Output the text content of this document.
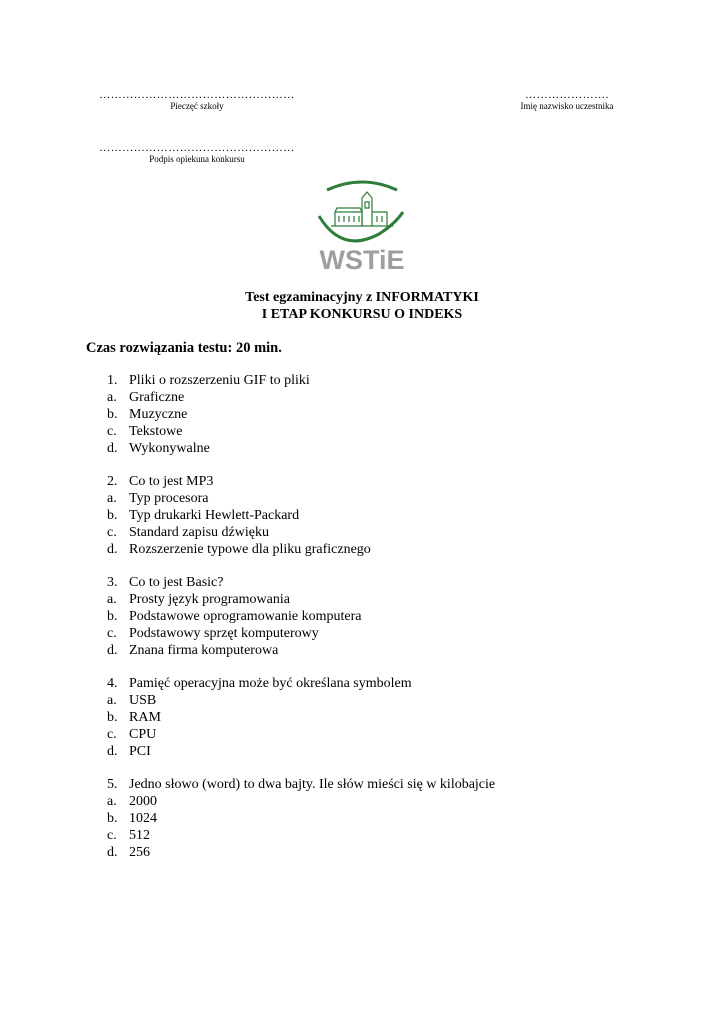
……………………………………………
Pieczęć szkoły
………………….
Imię nazwisko uczestnika
……………………………………………
Podpis opiekuna konkursu
WSTiE
Test egzaminacyjny z INFORMATYKI
I ETAP KONKURSU O INDEKS
Czas rozwiązania testu: 20 min.
1. Pliki o rozszerzeniu GIF to pliki
a. Graficzne
b. Muzyczne
c. Tekstowe
d. Wykonywalne
2. Co to jest MP3
a. Typ procesora
b. Typ drukarki Hewlett-Packard
c. Standard zapisu dźwięku
d. Rozszerzenie typowe dla pliku graficznego
3. Co to jest Basic?
a. Prosty język programowania
b. Podstawowe oprogramowanie komputera
c. Podstawowy sprzęt komputerowy
d. Znana firma komputerowa
4. Pamięć operacyjna może być określana symbolem
a. USB
b. RAM
c. CPU
d. PCI
5. Jedno słowo (word) to dwa bajty. Ile słów mieści się w kilobajcie
a. 2000
b. 1024
c. 512
d. 256
